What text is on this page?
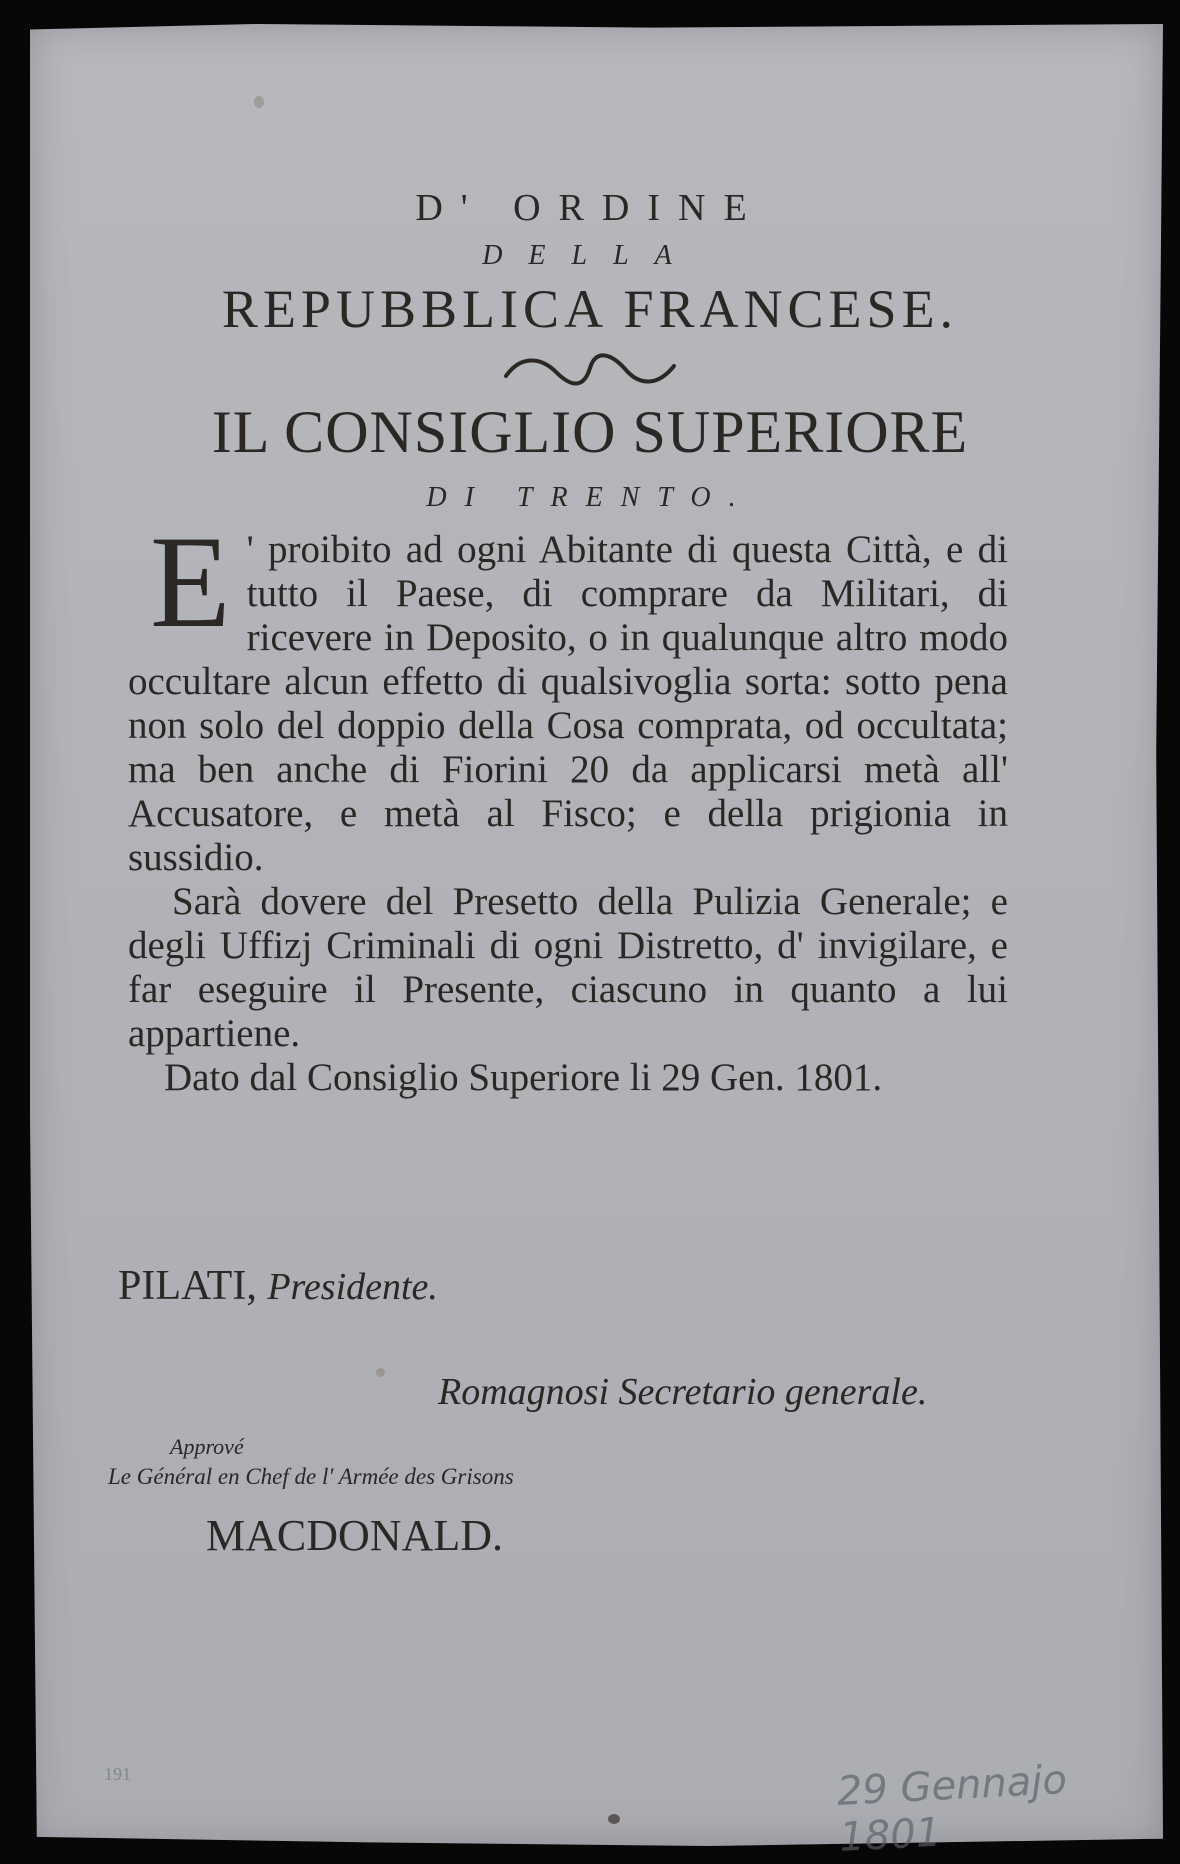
D' ORDINE
DELLA
REPUBBLICA FRANCESE.
IL CONSIGLIO SUPERIORE
DI TRENTO.
E ' proibito ad ogni Abitante di questa Città, e di tutto il Paese, di comprare da Militari, di ricevere in Deposito, o in qualunque altro modo occultare alcun effetto di qualsivoglia sorta: sotto pena non solo del doppio della Cosa comprata, od occultata; ma ben anche di Fiorini 20 da applicarsi metà all' Accusatore, e metà al Fisco; e della prigionia in sussidio.
Sarà dovere del Presetto della Pulizia Generale; e degli Uffizj Criminali di ogni Distretto, d' invigilare, e far eseguire il Presente, ciascuno in quanto a lui appartiene.
Dato dal Consiglio Superiore li 29 Gen. 1801.
PILATI, Presidente.
Romagnosi Secretario generale.
Apprové
Le Général en Chef de l' Armée des Grisons
MACDONALD.
191	29 Gennajo 1801
